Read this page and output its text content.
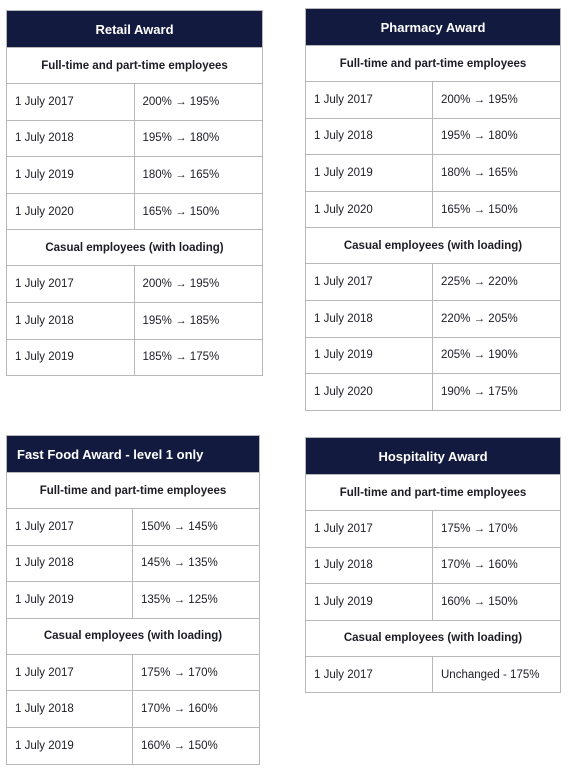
Retail Award
Full-time and part-time employees
1 July 2017	200% → 195%
1 July 2018	195% → 180%
1 July 2019	180% → 165%
1 July 2020	165% → 150%
Casual employees (with loading)
1 July 2017	200% → 195%
1 July 2018	195% → 185%
1 July 2019	185% → 175%
Pharmacy Award
Full-time and part-time employees
1 July 2017	200% → 195%
1 July 2018	195% → 180%
1 July 2019	180% → 165%
1 July 2020	165% → 150%
Casual employees (with loading)
1 July 2017	225% → 220%
1 July 2018	220% → 205%
1 July 2019	205% → 190%
1 July 2020	190% → 175%
Fast Food Award - level 1 only
Full-time and part-time employees
1 July 2017	150% → 145%
1 July 2018	145% → 135%
1 July 2019	135% → 125%
Casual employees (with loading)
1 July 2017	175% → 170%
1 July 2018	170% → 160%
1 July 2019	160% → 150%
Hospitality Award
Full-time and part-time employees
1 July 2017	175% → 170%
1 July 2018	170% → 160%
1 July 2019	160% → 150%
Casual employees (with loading)
1 July 2017	Unchanged - 175%
